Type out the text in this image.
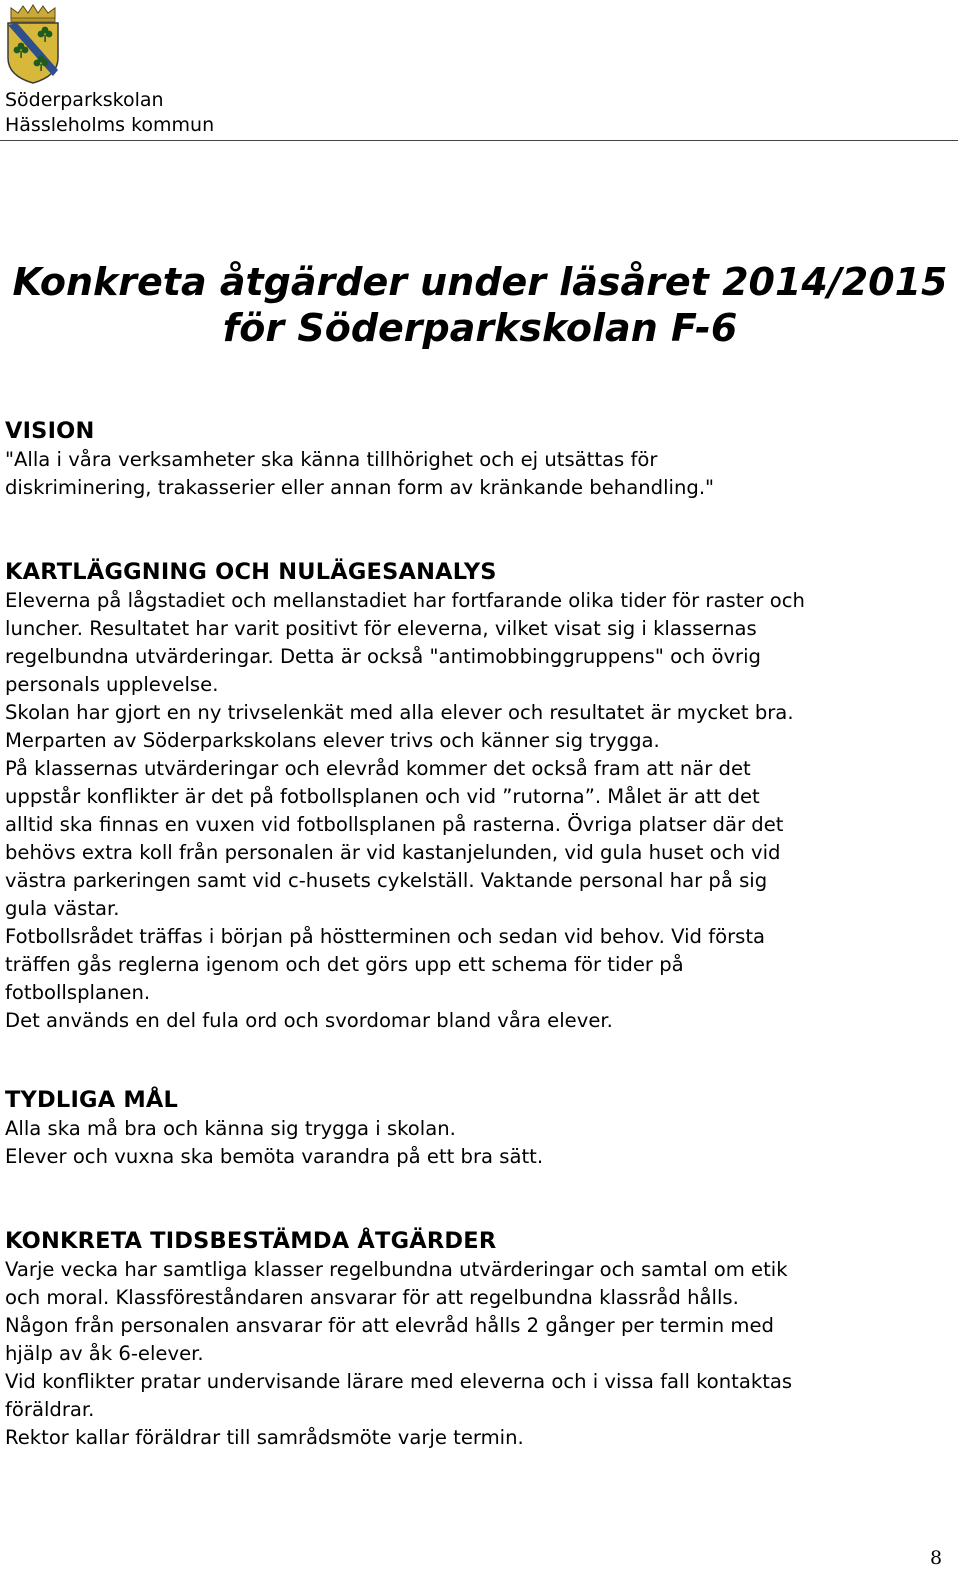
Söderparkskolan
Hässleholms kommun
Konkreta åtgärder under läsåret 2014/2015
för Söderparkskolan F-6
VISION
"Alla i våra verksamheter ska känna tillhörighet och ej utsättas för
diskriminering, trakasserier eller annan form av kränkande behandling."
KARTLÄGGNING OCH NULÄGESANALYS
Eleverna på lågstadiet och mellanstadiet har fortfarande olika tider för raster och
luncher. Resultatet har varit positivt för eleverna, vilket visat sig i klassernas
regelbundna utvärderingar. Detta är också "antimobbinggruppens" och övrig
personals upplevelse.
Skolan har gjort en ny trivselenkät med alla elever och resultatet är mycket bra.
Merparten av Söderparkskolans elever trivs och känner sig trygga.
På klassernas utvärderingar och elevråd kommer det också fram att när det
uppstår konflikter är det på fotbollsplanen och vid ”rutorna”. Målet är att det
alltid ska finnas en vuxen vid fotbollsplanen på rasterna. Övriga platser där det
behövs extra koll från personalen är vid kastanjelunden, vid gula huset och vid
västra parkeringen samt vid c-husets cykelställ. Vaktande personal har på sig
gula västar.
Fotbollsrådet träffas i början på höstterminen och sedan vid behov. Vid första
träffen gås reglerna igenom och det görs upp ett schema för tider på
fotbollsplanen.
Det används en del fula ord och svordomar bland våra elever.
TYDLIGA MÅL
Alla ska må bra och känna sig trygga i skolan.
Elever och vuxna ska bemöta varandra på ett bra sätt.
KONKRETA TIDSBESTÄMDA ÅTGÄRDER
Varje vecka har samtliga klasser regelbundna utvärderingar och samtal om etik
och moral. Klassföreståndaren ansvarar för att regelbundna klassråd hålls.
Någon från personalen ansvarar för att elevråd hålls 2 gånger per termin med
hjälp av åk 6-elever.
Vid konflikter pratar undervisande lärare med eleverna och i vissa fall kontaktas
föräldrar.
Rektor kallar föräldrar till samrådsmöte varje termin.
8
